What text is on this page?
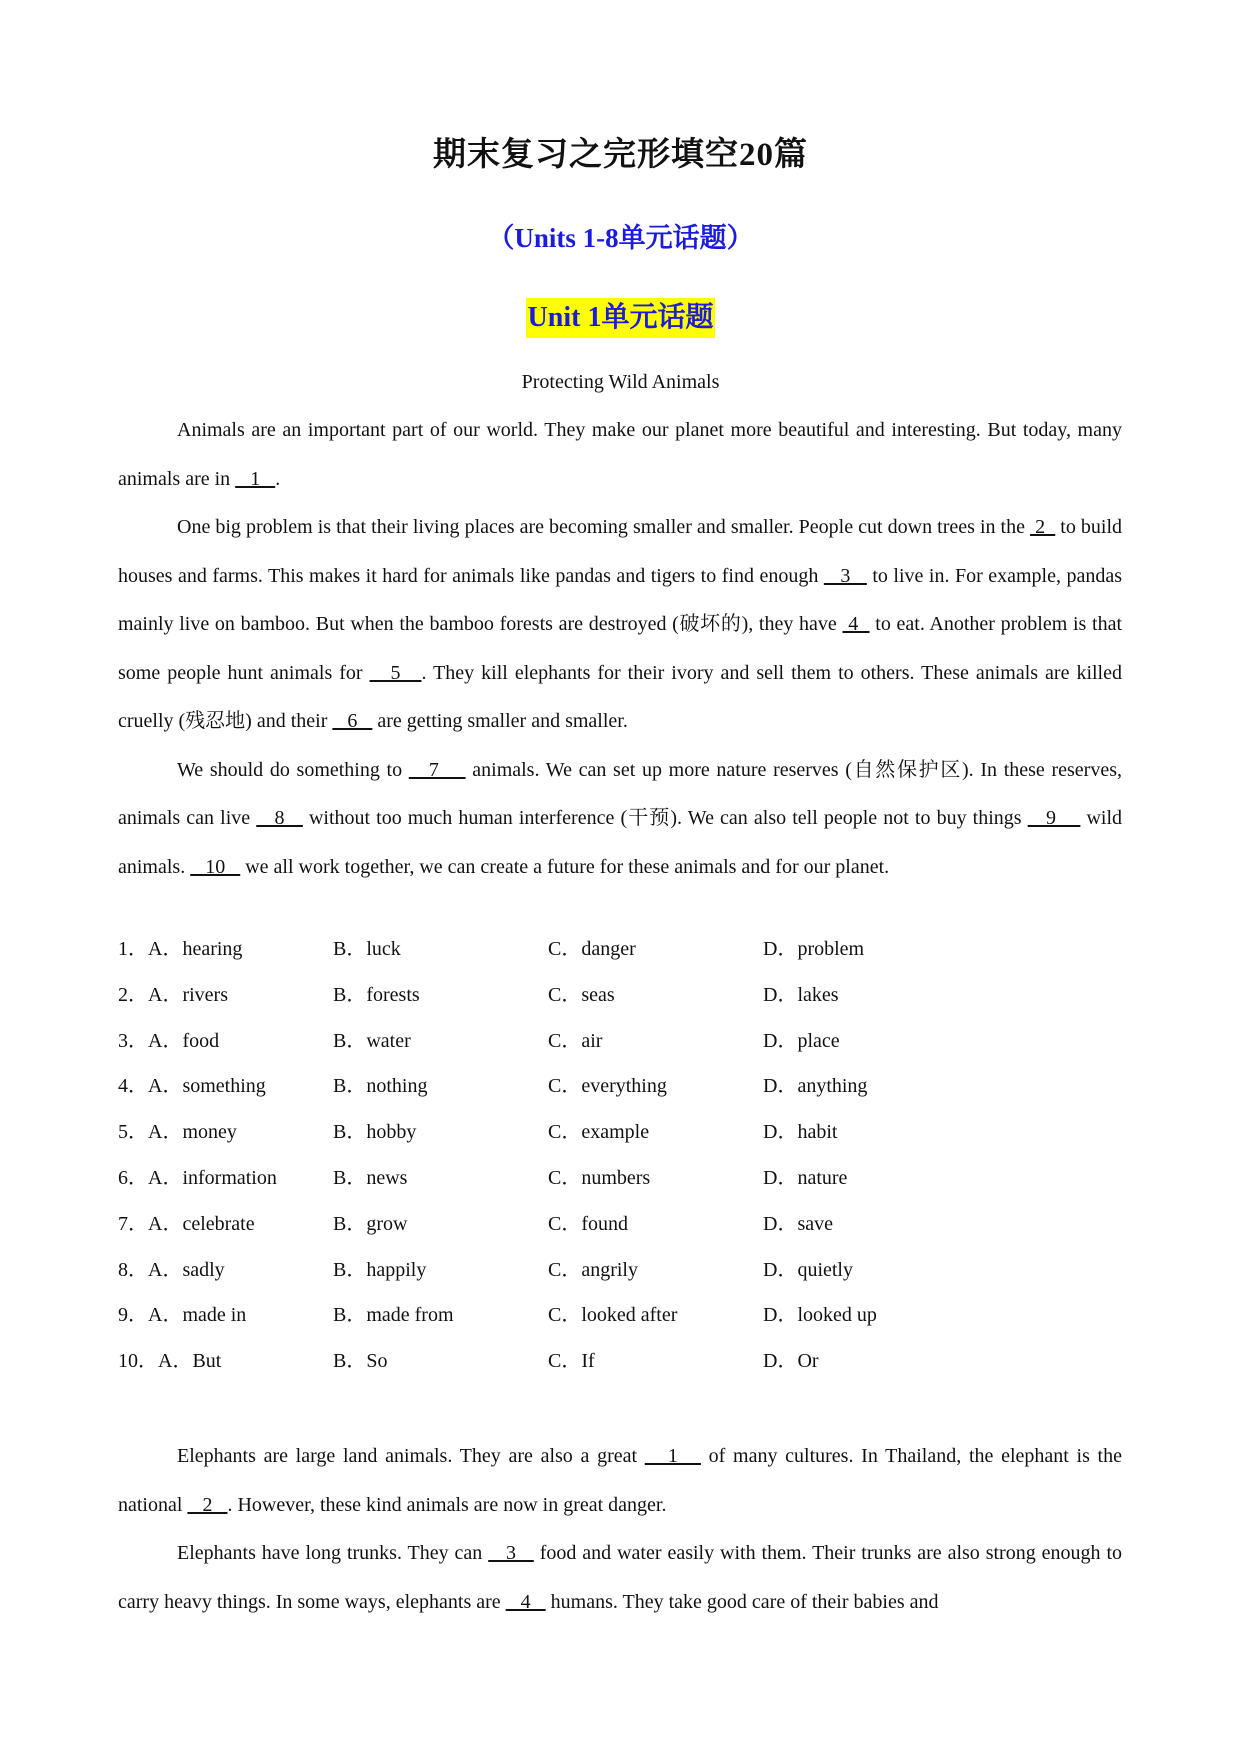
期末复习之完形填空20篇
（Units 1-8单元话题）
Unit 1单元话题
Protecting Wild Animals

Animals are an important part of our world. They make our planet more beautiful and interesting. But today, many animals are in    1   .

One big problem is that their living places are becoming smaller and smaller. People cut down trees in the  2   to build houses and farms. This makes it hard for animals like pandas and tigers to find enough    3    to live in. For example, pandas mainly live on bamboo. But when the bamboo forests are destroyed (破坏的), they have  4   to eat. Another problem is that some people hunt animals for    5   . They kill elephants for their ivory and sell them to others. These animals are killed cruelly (残忍地) and their    6    are getting smaller and smaller.

We should do something to    7     animals. We can set up more nature reserves (自然保护区). In these reserves, animals can live    8    without too much human interference (干预). We can also tell people not to buy things    9     wild animals.    10    we all work together, we can create a future for these animals and for our planet.

1．A．hearing	B．luck	C．danger	D．problem
2．A．rivers	B．forests	C．seas	D．lakes
3．A．food	B．water	C．air	D．place
4．A．something	B．nothing	C．everything	D．anything
5．A．money	B．hobby	C．example	D．habit
6．A．information	B．news	C．numbers	D．nature
7．A．celebrate	B．grow	C．found	D．save
8．A．sadly	B．happily	C．angrily	D．quietly
9．A．made in	B．made from	C．looked after	D．looked up
10．A．But	B．So	C．If	D．Or

Elephants are large land animals. They are also a great    1    of many cultures. In Thailand, the elephant is the national    2   . However, these kind animals are now in great danger.

Elephants have long trunks. They can    3    food and water easily with them. Their trunks are also strong enough to carry heavy things. In some ways, elephants are    4    humans. They take good care of their babies and
